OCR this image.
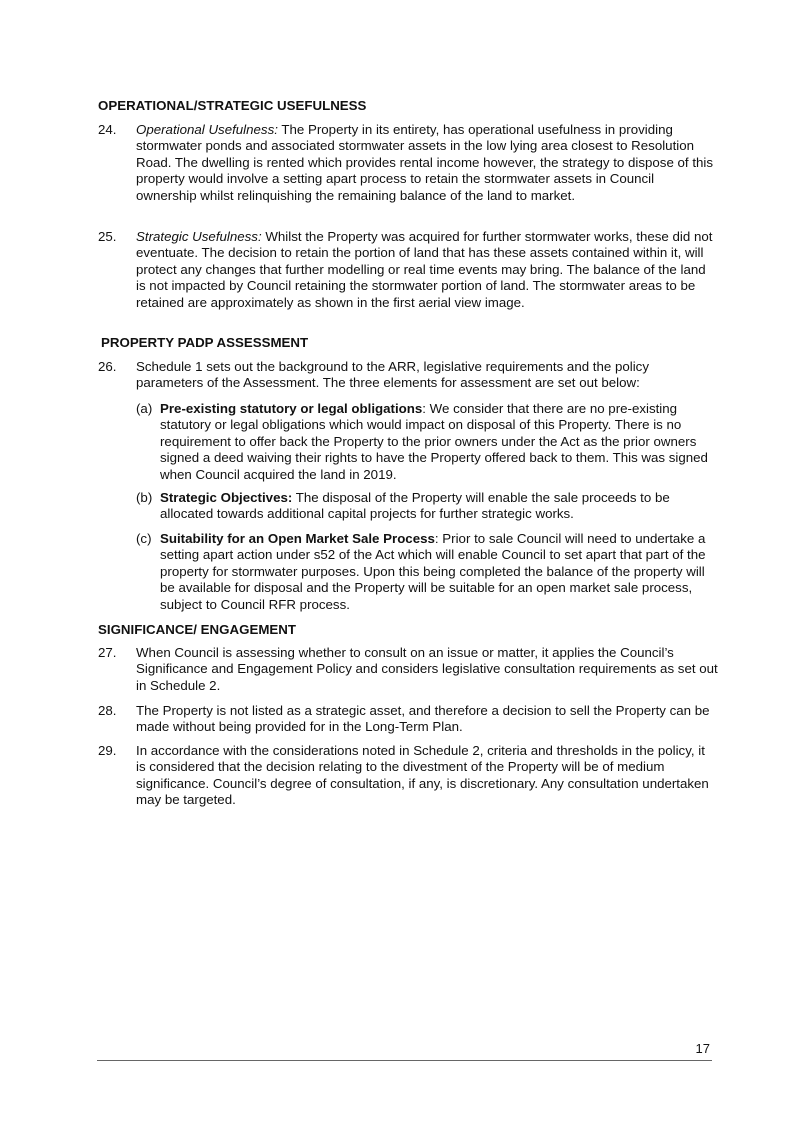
OPERATIONAL/STRATEGIC USEFULNESS
24. Operational Usefulness: The Property in its entirety, has operational usefulness in providing stormwater ponds and associated stormwater assets in the low lying area closest to Resolution Road. The dwelling is rented which provides rental income however, the strategy to dispose of this property would involve a setting apart process to retain the stormwater assets in Council ownership whilst relinquishing the remaining balance of the land to market.
25. Strategic Usefulness: Whilst the Property was acquired for further stormwater works, these did not eventuate. The decision to retain the portion of land that has these assets contained within it, will protect any changes that further modelling or real time events may bring. The balance of the land is not impacted by Council retaining the stormwater portion of land. The stormwater areas to be retained are approximately as shown in the first aerial view image.
PROPERTY PADP ASSESSMENT
26. Schedule 1 sets out the background to the ARR, legislative requirements and the policy parameters of the Assessment. The three elements for assessment are set out below:
(a) Pre-existing statutory or legal obligations: We consider that there are no pre-existing statutory or legal obligations which would impact on disposal of this Property. There is no requirement to offer back the Property to the prior owners under the Act as the prior owners signed a deed waiving their rights to have the Property offered back to them. This was signed when Council acquired the land in 2019.
(b) Strategic Objectives: The disposal of the Property will enable the sale proceeds to be allocated towards additional capital projects for further strategic works.
(c) Suitability for an Open Market Sale Process: Prior to sale Council will need to undertake a setting apart action under s52 of the Act which will enable Council to set apart that part of the property for stormwater purposes. Upon this being completed the balance of the property will be available for disposal and the Property will be suitable for an open market sale process, subject to Council RFR process.
SIGNIFICANCE/ ENGAGEMENT
27. When Council is assessing whether to consult on an issue or matter, it applies the Council’s Significance and Engagement Policy and considers legislative consultation requirements as set out in Schedule 2.
28. The Property is not listed as a strategic asset, and therefore a decision to sell the Property can be made without being provided for in the Long-Term Plan.
29. In accordance with the considerations noted in Schedule 2, criteria and thresholds in the policy, it is considered that the decision relating to the divestment of the Property will be of medium significance. Council’s degree of consultation, if any, is discretionary. Any consultation undertaken may be targeted.
17
